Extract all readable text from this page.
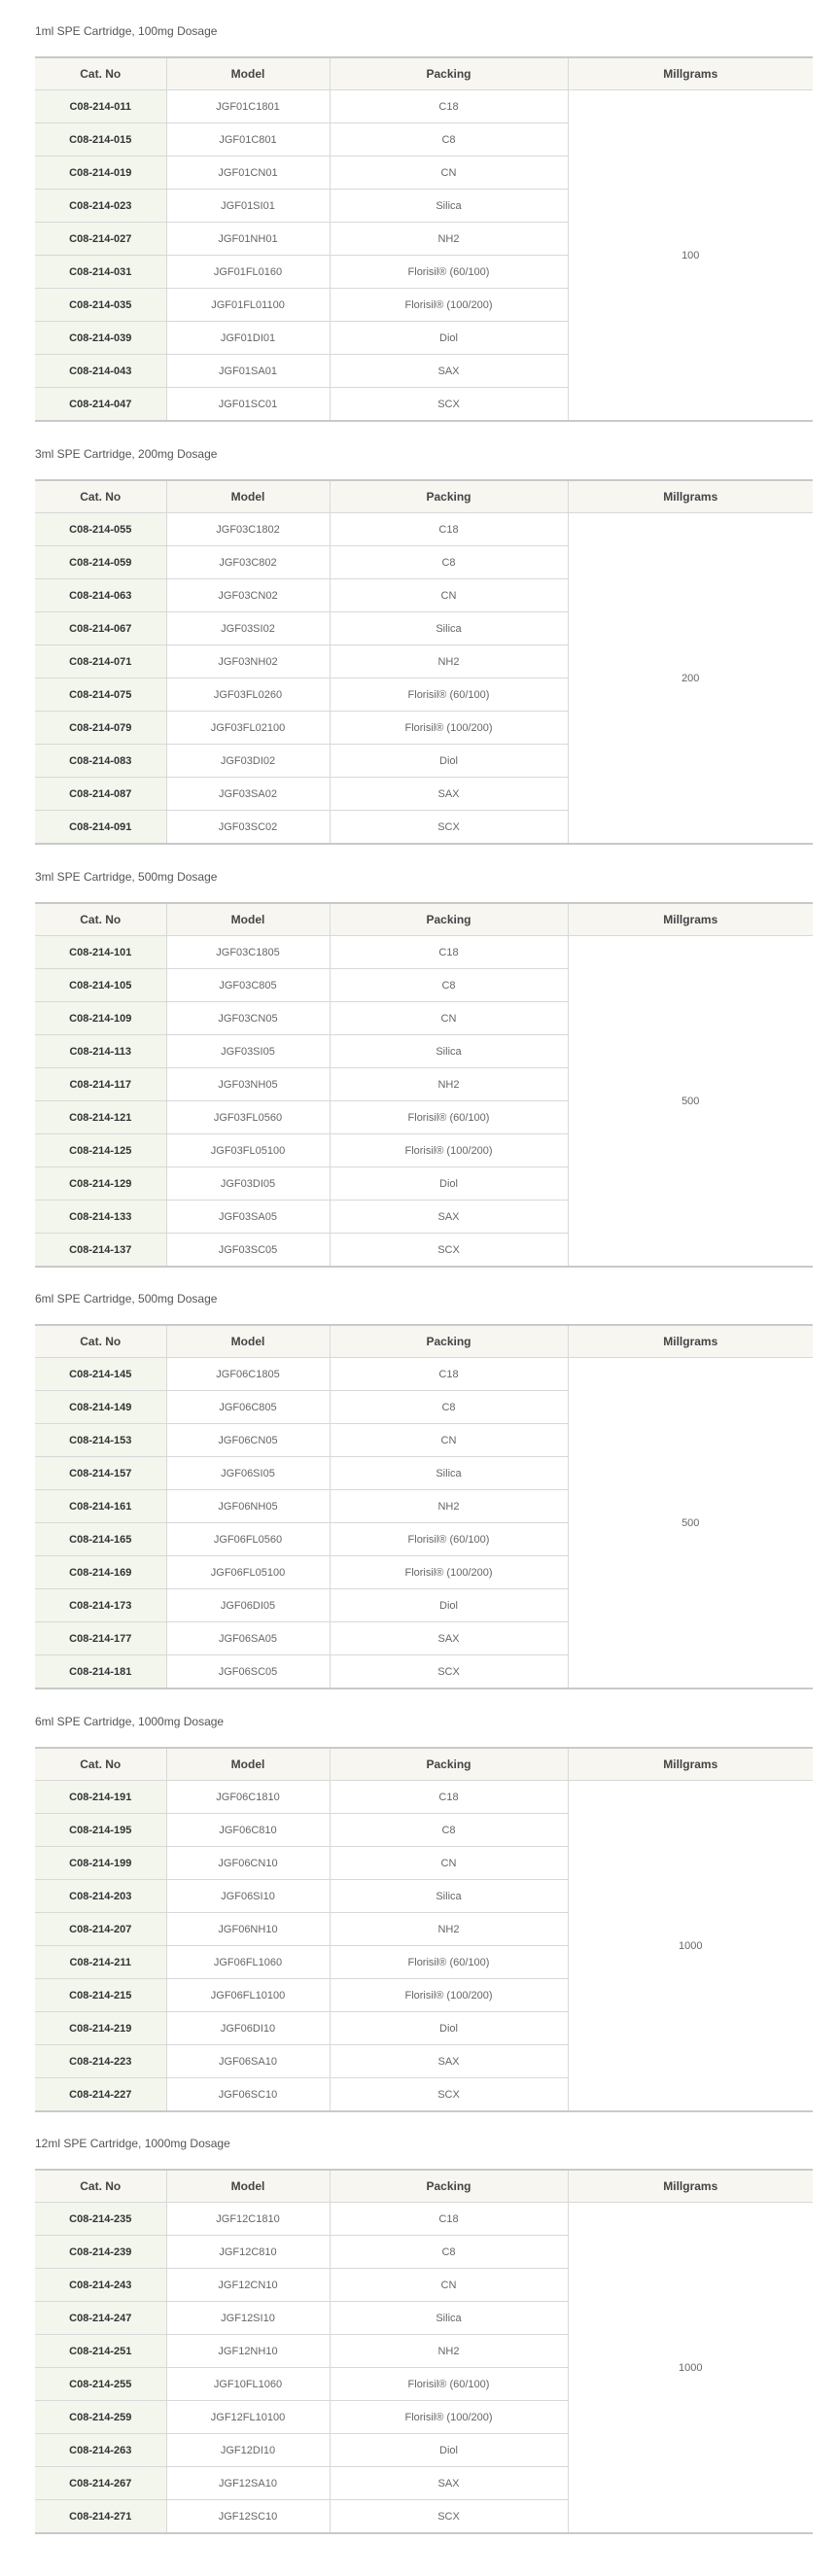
1ml SPE Cartridge, 100mg Dosage
Cat. No	Model	Packing	Millgrams
C08-214-011	JGF01C1801	C18	100
C08-214-015	JGF01C801	C8	
C08-214-019	JGF01CN01	CN	
C08-214-023	JGF01SI01	Silica	
C08-214-027	JGF01NH01	NH2	
C08-214-031	JGF01FL0160	Florisil® (60/100)	
C08-214-035	JGF01FL01100	Florisil® (100/200)	
C08-214-039	JGF01DI01	Diol	
C08-214-043	JGF01SA01	SAX	
C08-214-047	JGF01SC01	SCX	
3ml SPE Cartridge, 200mg Dosage
Cat. No	Model	Packing	Millgrams
C08-214-055	JGF03C1802	C18	200
C08-214-059	JGF03C802	C8	
C08-214-063	JGF03CN02	CN	
C08-214-067	JGF03SI02	Silica	
C08-214-071	JGF03NH02	NH2	
C08-214-075	JGF03FL0260	Florisil® (60/100)	
C08-214-079	JGF03FL02100	Florisil® (100/200)	
C08-214-083	JGF03DI02	Diol	
C08-214-087	JGF03SA02	SAX	
C08-214-091	JGF03SC02	SCX	
3ml SPE Cartridge, 500mg Dosage
Cat. No	Model	Packing	Millgrams
C08-214-101	JGF03C1805	C18	500
C08-214-105	JGF03C805	C8	
C08-214-109	JGF03CN05	CN	
C08-214-113	JGF03SI05	Silica	
C08-214-117	JGF03NH05	NH2	
C08-214-121	JGF03FL0560	Florisil® (60/100)	
C08-214-125	JGF03FL05100	Florisil® (100/200)	
C08-214-129	JGF03DI05	Diol	
C08-214-133	JGF03SA05	SAX	
C08-214-137	JGF03SC05	SCX	
6ml SPE Cartridge, 500mg Dosage
Cat. No	Model	Packing	Millgrams
C08-214-145	JGF06C1805	C18	500
C08-214-149	JGF06C805	C8	
C08-214-153	JGF06CN05	CN	
C08-214-157	JGF06SI05	Silica	
C08-214-161	JGF06NH05	NH2	
C08-214-165	JGF06FL0560	Florisil® (60/100)	
C08-214-169	JGF06FL05100	Florisil® (100/200)	
C08-214-173	JGF06DI05	Diol	
C08-214-177	JGF06SA05	SAX	
C08-214-181	JGF06SC05	SCX	
6ml SPE Cartridge, 1000mg Dosage
Cat. No	Model	Packing	Millgrams
C08-214-191	JGF06C1810	C18	1000
C08-214-195	JGF06C810	C8	
C08-214-199	JGF06CN10	CN	
C08-214-203	JGF06SI10	Silica	
C08-214-207	JGF06NH10	NH2	
C08-214-211	JGF06FL1060	Florisil® (60/100)	
C08-214-215	JGF06FL10100	Florisil® (100/200)	
C08-214-219	JGF06DI10	Diol	
C08-214-223	JGF06SA10	SAX	
C08-214-227	JGF06SC10	SCX	
12ml SPE Cartridge, 1000mg Dosage
Cat. No	Model	Packing	Millgrams
C08-214-235	JGF12C1810	C18	1000
C08-214-239	JGF12C810	C8	
C08-214-243	JGF12CN10	CN	
C08-214-247	JGF12SI10	Silica	
C08-214-251	JGF12NH10	NH2	
C08-214-255	JGF10FL1060	Florisil® (60/100)	
C08-214-259	JGF12FL10100	Florisil® (100/200)	
C08-214-263	JGF12DI10	Diol	
C08-214-267	JGF12SA10	SAX	
C08-214-271	JGF12SC10	SCX	
